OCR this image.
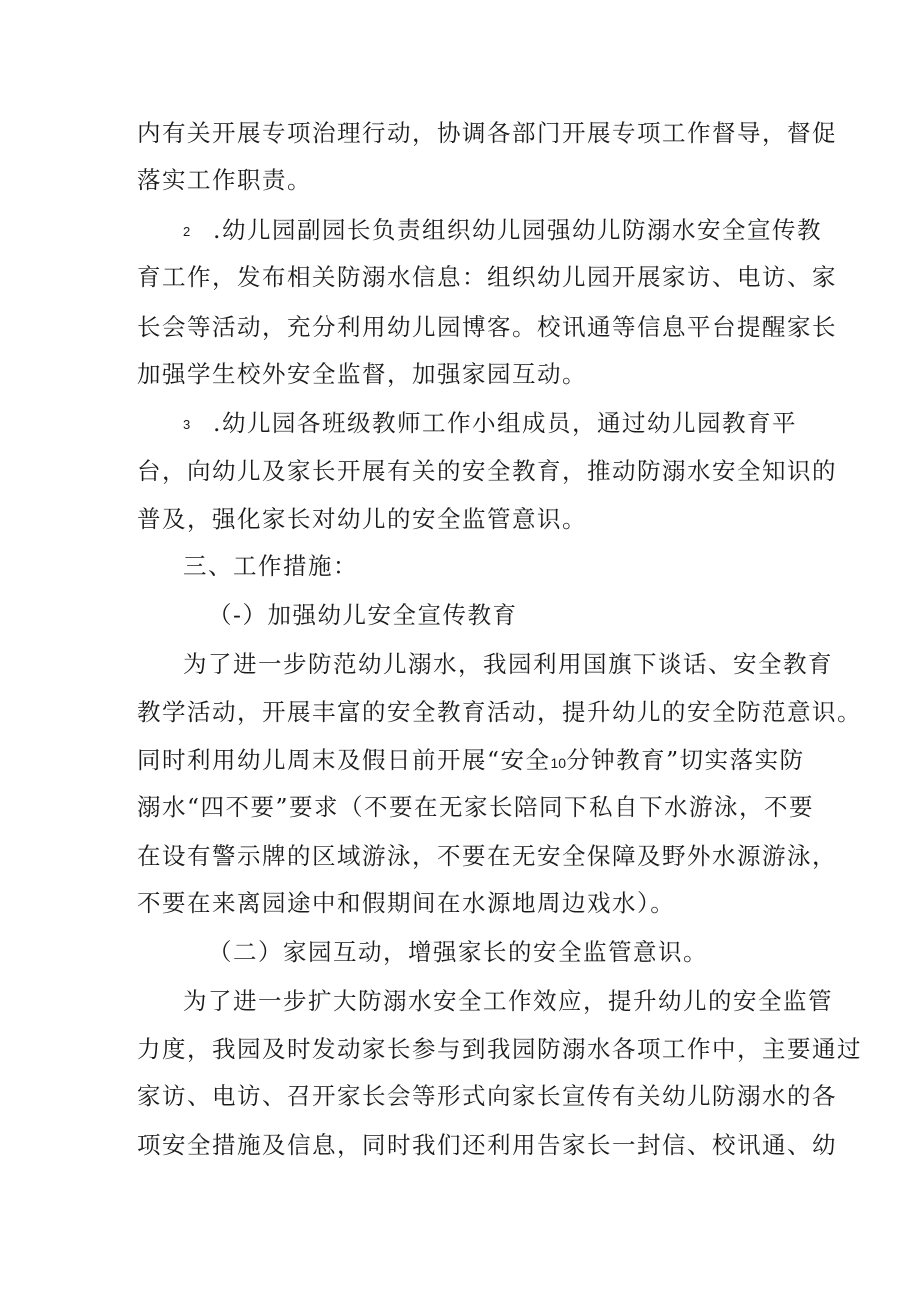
内有关开展专项治理行动，协调各部门开展专项工作督导，督促
落实工作职责。
2 .幼儿园副园长负责组织幼儿园强幼儿防溺水安全宣传教
育工作，发布相关防溺水信息：组织幼儿园开展家访、电访、家
长会等活动，充分利用幼儿园博客。校讯通等信息平台提醒家长
加强学生校外安全监督，加强家园互动。
3 .幼儿园各班级教师工作小组成员，通过幼儿园教育平
台，向幼儿及家长开展有关的安全教育，推动防溺水安全知识的
普及，强化家长对幼儿的安全监管意识。
三、工作措施：
（-）加强幼儿安全宣传教育
为了进一步防范幼儿溺水，我园利用国旗下谈话、安全教育
教学活动，开展丰富的安全教育活动，提升幼儿的安全防范意识。
同时利用幼儿周末及假日前开展“安全10分钟教育”切实落实防
溺水“四不要”要求（不要在无家长陪同下私自下水游泳，不要
在设有警示牌的区域游泳，不要在无安全保障及野外水源游泳，
不要在来离园途中和假期间在水源地周边戏水）。
（二）家园互动，增强家长的安全监管意识。
为了进一步扩大防溺水安全工作效应，提升幼儿的安全监管
力度，我园及时发动家长参与到我园防溺水各项工作中，主要通过
家访、电访、召开家长会等形式向家长宣传有关幼儿防溺水的各
项安全措施及信息，同时我们还利用告家长一封信、校讯通、幼
